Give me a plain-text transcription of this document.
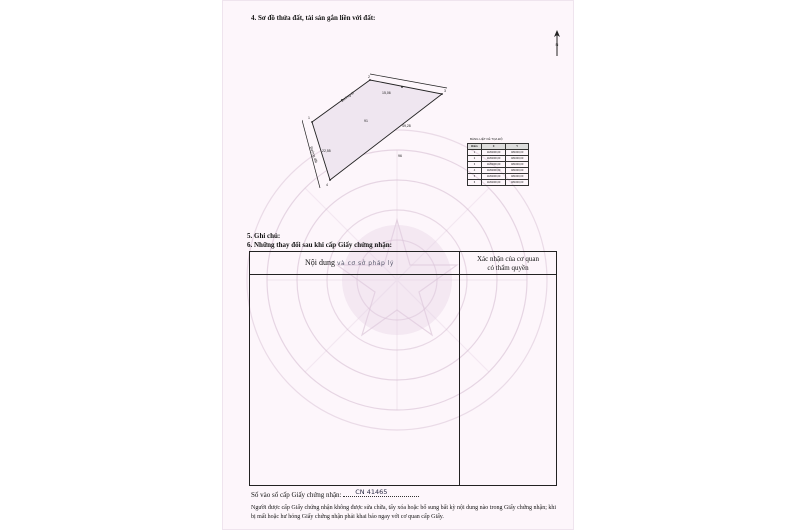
4. Sơ đồ thửa đất, tài sản gắn liền với đất:
N
91
96
1
2
3
4
Đường đi
Đường đất
15,06
49,28
22,55
BẢNG LIỆT KÊ TỌA ĐỘ
Điểm	X	Y
1	1184000,00	481000,00
2	1184000,00	481000,00
3	1184000,00	481000,00
4	1184000,00	481000,00
5	1184000,00	481000,00
6	1184000,00	481000,00
5. Ghi chú:
6. Những thay đổi sau khi cấp Giấy chứng nhận:
Nội dung và cơ sở pháp lý
Xác nhận của cơ quan
có thẩm quyền
Số vào sổ cấp Giấy chứng nhận: CN 41465
Người được cấp Giấy chứng nhận không được sửa chữa, tẩy xóa hoặc bổ sung bất kỳ nội dung nào trong Giấy chứng nhận; khi bị mất hoặc hư hỏng Giấy chứng nhận phải khai báo ngay với cơ quan cấp Giấy.
